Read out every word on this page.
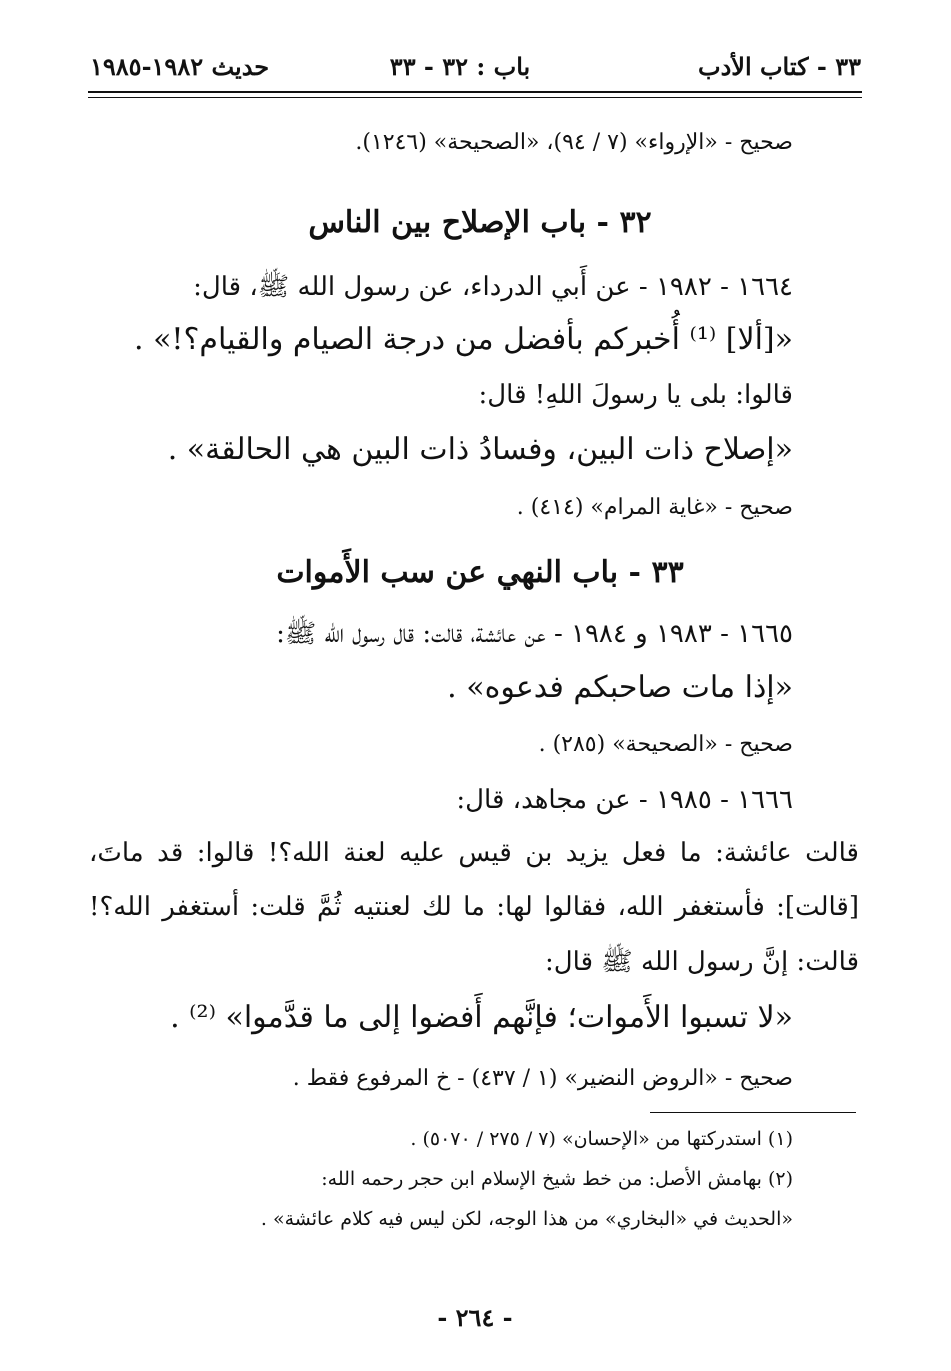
٣٣ - كتاب الأدب
باب : ٣٢ - ٣٣
حديث ١٩٨٢-١٩٨٥
صحيح - «الإرواء» (٧ / ٩٤)، «الصحيحة» (١٢٤٦).
٣٢ - باب الإصلاح بين الناس
١٦٦٤ - ١٩٨٢ - عن أَبي الدرداء، عن رسول الله ﷺ، قال:
«[ألا] ⁽¹⁾ أُخبركم بأفضل من درجة الصيام والقيام؟!» .
قالوا: بلى يا رسولَ اللهِ! قال:
«إصلاح ذات البين، وفسادُ ذات البين هي الحالقة» .
صحيح - «غاية المرام» (٤١٤) .
٣٣ - باب النهي عن سب الأَموات
١٦٦٥ - ١٩٨٣ و ١٩٨٤ - عن عائشة، قالت: قال رسول الله ﷺ:
«إذا مات صاحبكم فدعوه» .
صحيح - «الصحيحة» (٢٨٥) .
١٦٦٦ - ١٩٨٥ - عن مجاهد، قال:
قالت عائشة: ما فعل يزيد بن قيس عليه لعنة الله؟! قالوا: قد ماتَ،
[قالت]: فأستغفر الله، فقالوا لها: ما لك لعنتيه ثُمَّ قلت: أستغفر الله؟!
قالت: إنَّ رسول الله ﷺ قال:
«لا تسبوا الأَموات؛ فإنَّهم أَفضوا إلى ما قدَّموا» ⁽²⁾ .
صحيح - «الروض النضير» (١ / ٤٣٧) - خ المرفوع فقط .
(١) استدركتها من «الإحسان» (٧ / ٢٧٥ / ٥٠٧٠) .
(٢) بهامش الأصل: من خط شيخ الإسلام ابن حجر رحمه الله:
«الحديث في «البخاري» من هذا الوجه، لكن ليس فيه كلام عائشة» .
- ٢٦٤ -
